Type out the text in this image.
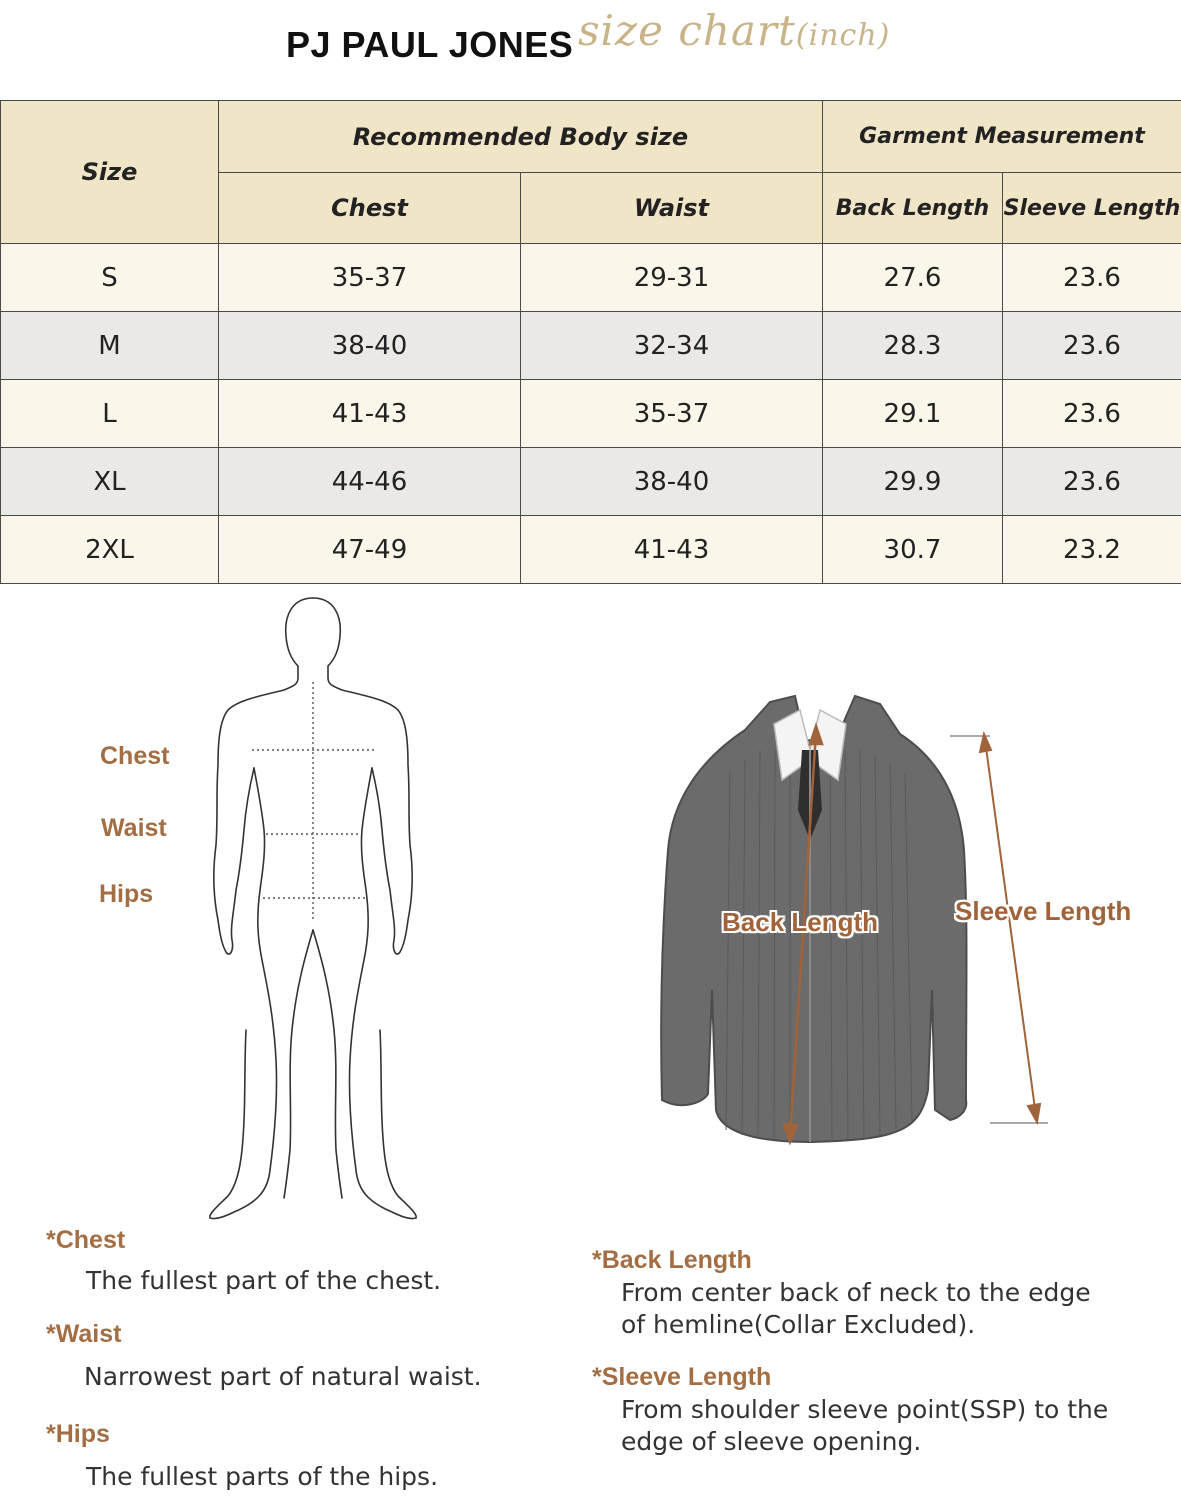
PJ PAUL JONES size chart(inch)
Size	Recommended Body size		Garment Measurement	
	Chest	Waist	Back Length	Sleeve Length
S	35-37	29-31	27.6	23.6
M	38-40	32-34	28.3	23.6
L	41-43	35-37	29.1	23.6
XL	44-46	38-40	29.9	23.6
2XL	47-49	41-43	30.7	23.2
Chest
Waist
Hips
Back Length	Sleeve Length
*Chest
The fullest part of the chest.
*Waist
Narrowest part of natural waist.
*Hips
The fullest parts of the hips.
*Back Length
From center back of neck to the edge
of hemline(Collar Excluded).
*Sleeve Length
From shoulder sleeve point(SSP) to the
edge of sleeve opening.
